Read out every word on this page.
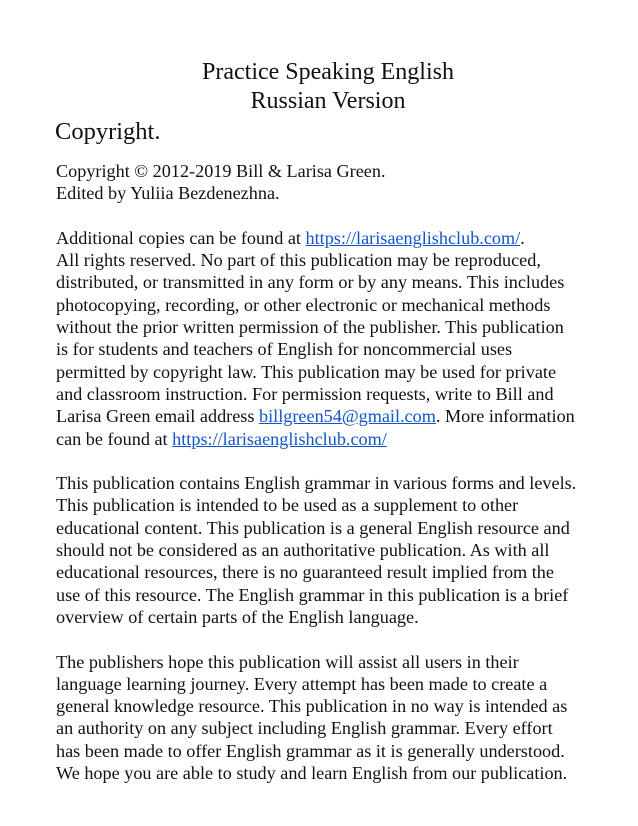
Practice Speaking English
Russian Version
Copyright.
Copyright © 2012-2019 Bill & Larisa Green.
Edited by Yuliia Bezdenezhna.
Additional copies can be found at https://larisaenglishclub.com/.
All rights reserved. No part of this publication may be reproduced,
distributed, or transmitted in any form or by any means. This includes
photocopying, recording, or other electronic or mechanical methods
without the prior written permission of the publisher. This publication
is for students and teachers of English for noncommercial uses
permitted by copyright law. This publication may be used for private
and classroom instruction. For permission requests, write to Bill and
Larisa Green email address billgreen54@gmail.com. More information
can be found at https://larisaenglishclub.com/
This publication contains English grammar in various forms and levels.
This publication is intended to be used as a supplement to other
educational content. This publication is a general English resource and
should not be considered as an authoritative publication. As with all
educational resources, there is no guaranteed result implied from the
use of this resource. The English grammar in this publication is a brief
overview of certain parts of the English language.
The publishers hope this publication will assist all users in their
language learning journey. Every attempt has been made to create a
general knowledge resource. This publication in no way is intended as
an authority on any subject including English grammar. Every effort
has been made to offer English grammar as it is generally understood.
We hope you are able to study and learn English from our publication.
